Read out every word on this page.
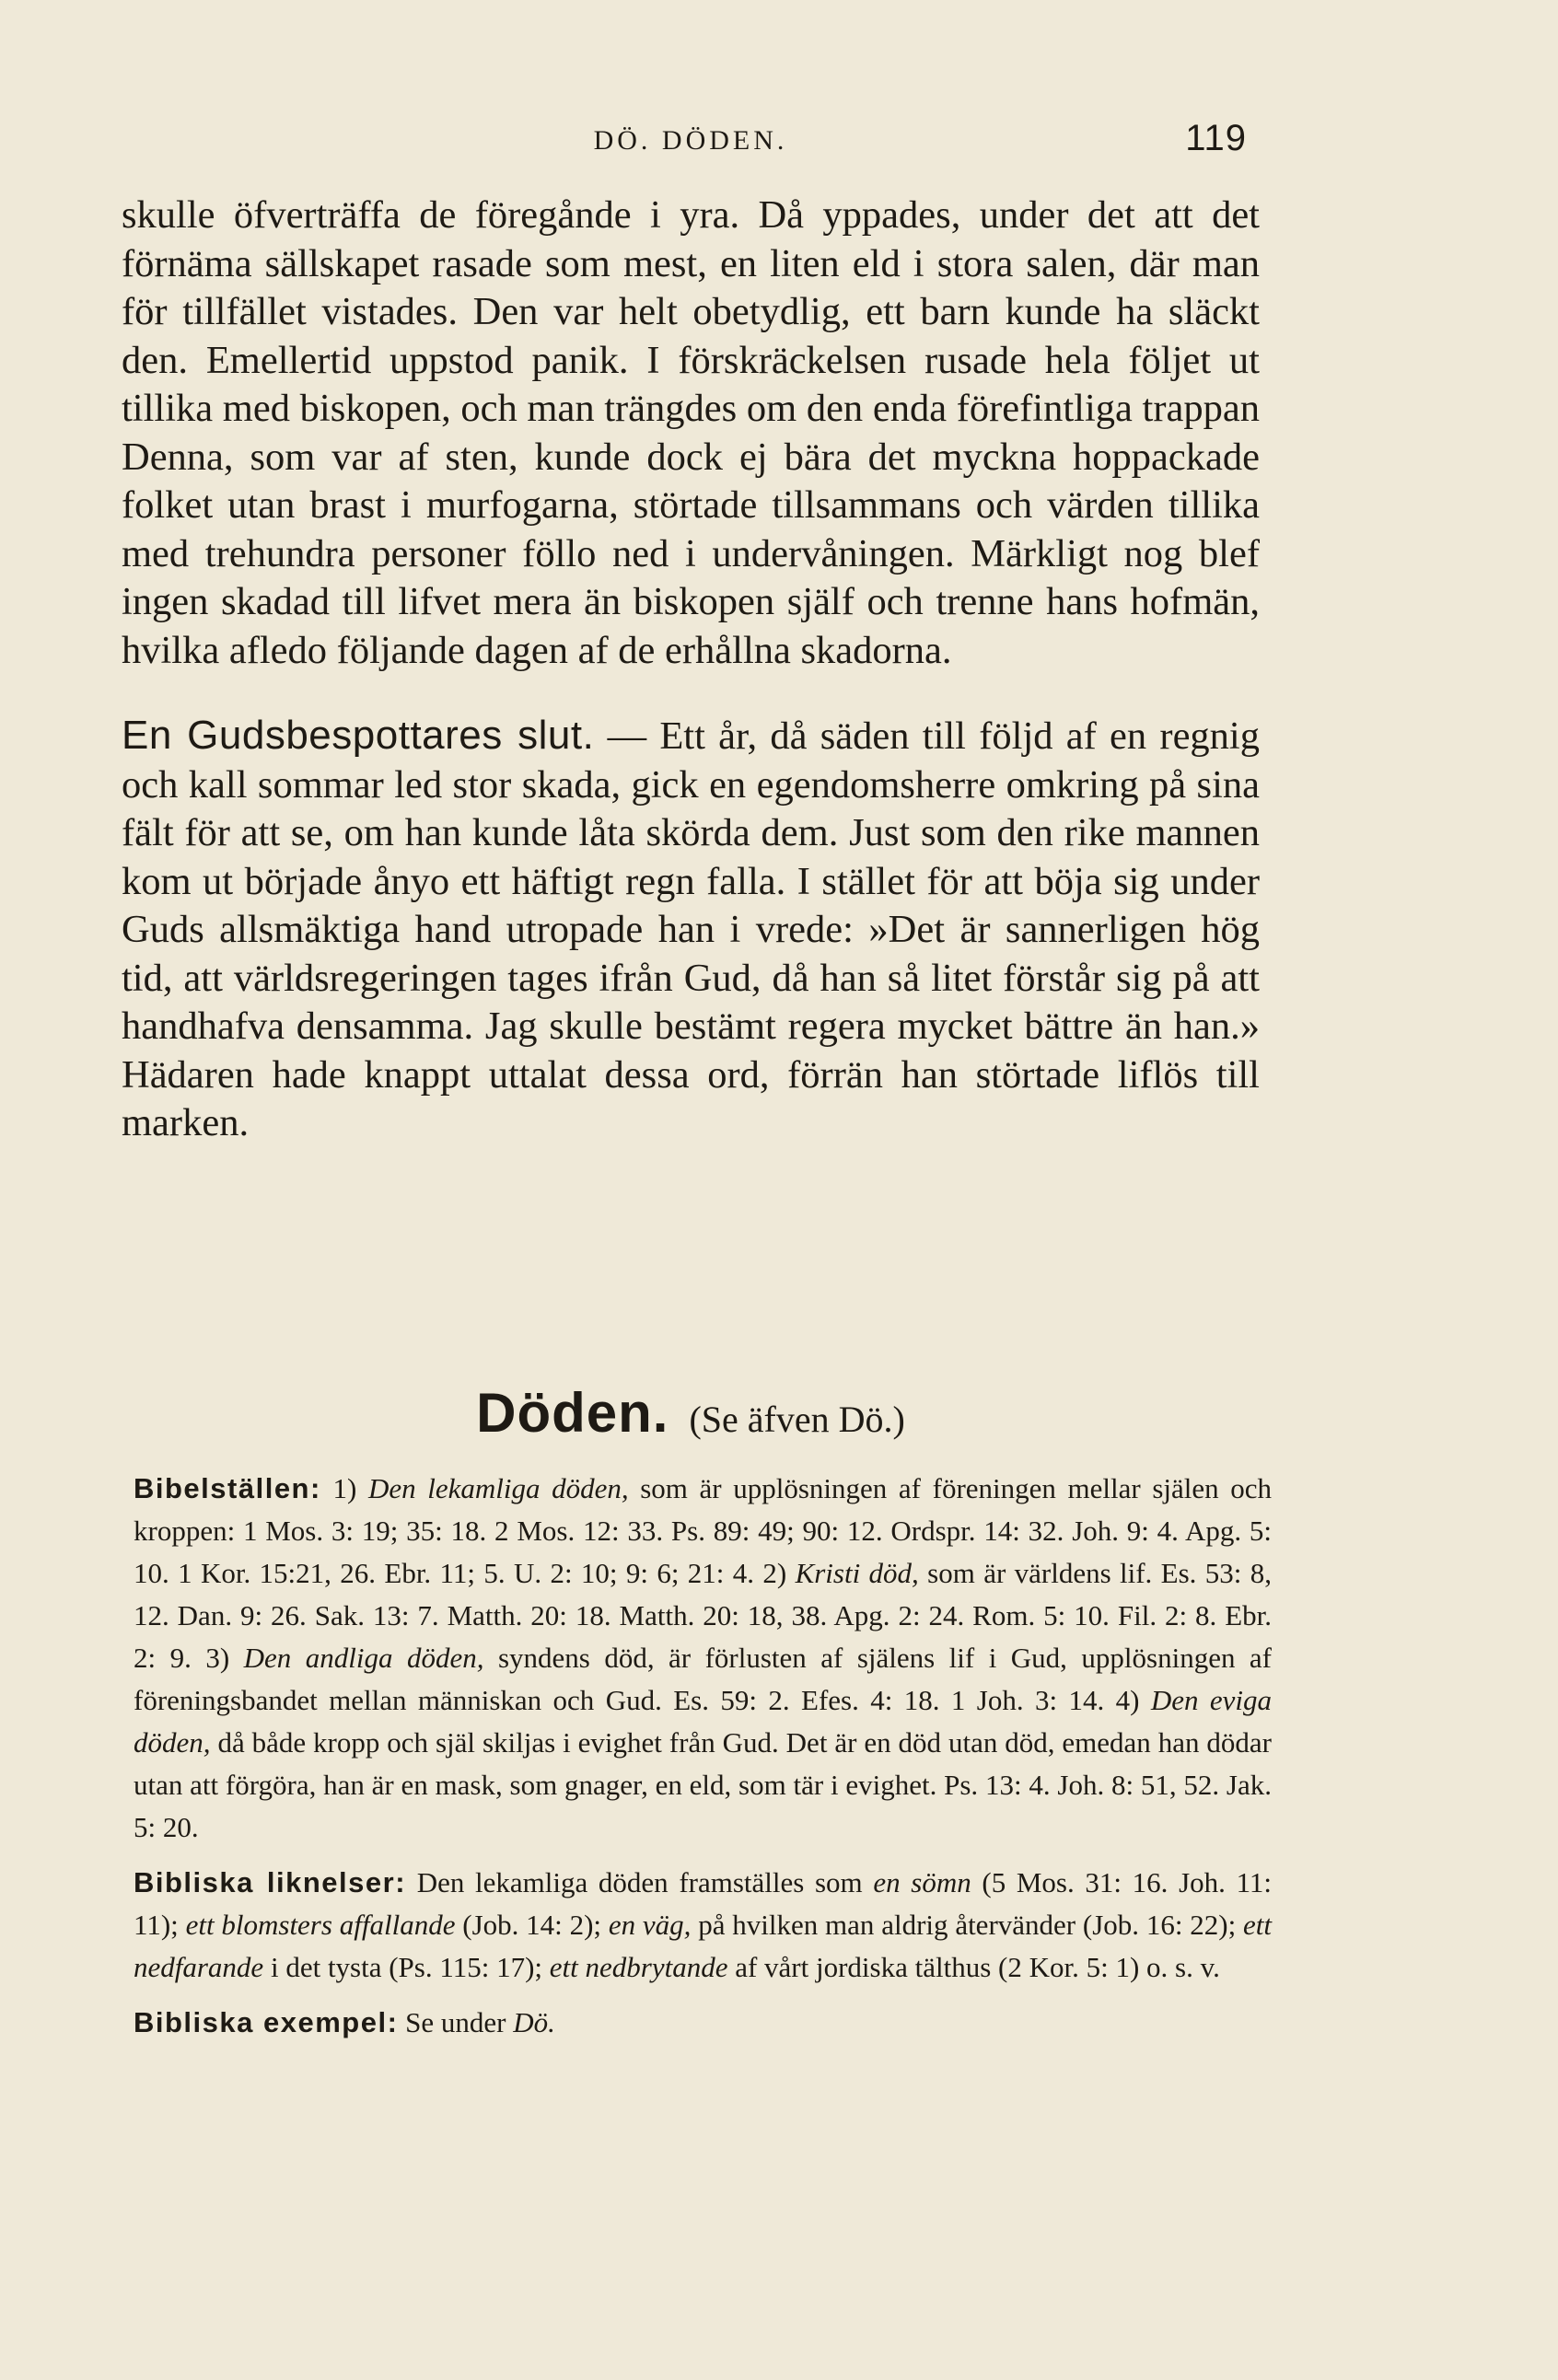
DÖ. DÖDEN.	119

skulle öfverträffa de föregånde i yra. Då yppades, under det att det förnäma sällskapet rasade som mest, en liten eld i stora salen, där man för tillfället vistades. Den var helt obetydlig, ett barn kunde ha släckt den. Emellertid uppstod panik. I förskräckelsen rusade hela följet ut tillika med biskopen, och man trängdes om den enda förefintliga trappan Denna, som var af sten, kunde dock ej bära det myckna hoppackade folket utan brast i murfogarna, störtade tillsammans och värden tillika med trehundra personer föllo ned i undervåningen. Märkligt nog blef ingen skadad till lifvet mera än biskopen själf och trenne hans hofmän, hvilka afledo följande dagen af de erhållna skadorna.

En Gudsbespottares slut. — Ett år, då säden till följd af en regnig och kall sommar led stor skada, gick en egendomsherre omkring på sina fält för att se, om han kunde låta skörda dem. Just som den rike mannen kom ut började ånyo ett häftigt regn falla. I stället för att böja sig under Guds allsmäktiga hand utropade han i vrede: »Det är sannerligen hög tid, att världsregeringen tages ifrån Gud, då han så litet förstår sig på att handhafva densamma. Jag skulle bestämt regera mycket bättre än han.» Hädaren hade knappt uttalat dessa ord, förrän han störtade liflös till marken.

Döden. (Se äfven Dö.)

Bibelställen: 1) Den lekamliga döden, som är upplösningen af föreningen mellar själen och kroppen: 1 Mos. 3: 19; 35: 18. 2 Mos. 12: 33. Ps. 89: 49; 90: 12. Ordspr. 14: 32. Joh. 9: 4. Apg. 5: 10. 1 Kor. 15:21, 26. Ebr. 11; 5. U. 2: 10; 9: 6; 21: 4. 2) Kristi död, som är världens lif. Es. 53: 8, 12. Dan. 9: 26. Sak. 13: 7. Matth. 20: 18. Matth. 20: 18, 38. Apg. 2: 24. Rom. 5: 10. Fil. 2: 8. Ebr. 2: 9. 3) Den andliga döden, syndens död, är förlusten af själens lif i Gud, upplösningen af föreningsbandet mellan människan och Gud. Es. 59: 2. Efes. 4: 18. 1 Joh. 3: 14. 4) Den eviga döden, då både kropp och själ skiljas i evighet från Gud. Det är en död utan död, emedan han dödar utan att förgöra, han är en mask, som gnager, en eld, som tär i evighet. Ps. 13: 4. Joh. 8: 51, 52. Jak. 5: 20.

Bibliska liknelser: Den lekamliga döden framställes som en sömn (5 Mos. 31: 16. Joh. 11: 11); ett blomsters affallande (Job. 14: 2); en väg, på hvilken man aldrig återvänder (Job. 16: 22); ett nedfarande i det tysta (Ps. 115: 17); ett nedbrytande af vårt jordiska tälthus (2 Kor. 5: 1) o. s. v.

Bibliska exempel: Se under Dö.
